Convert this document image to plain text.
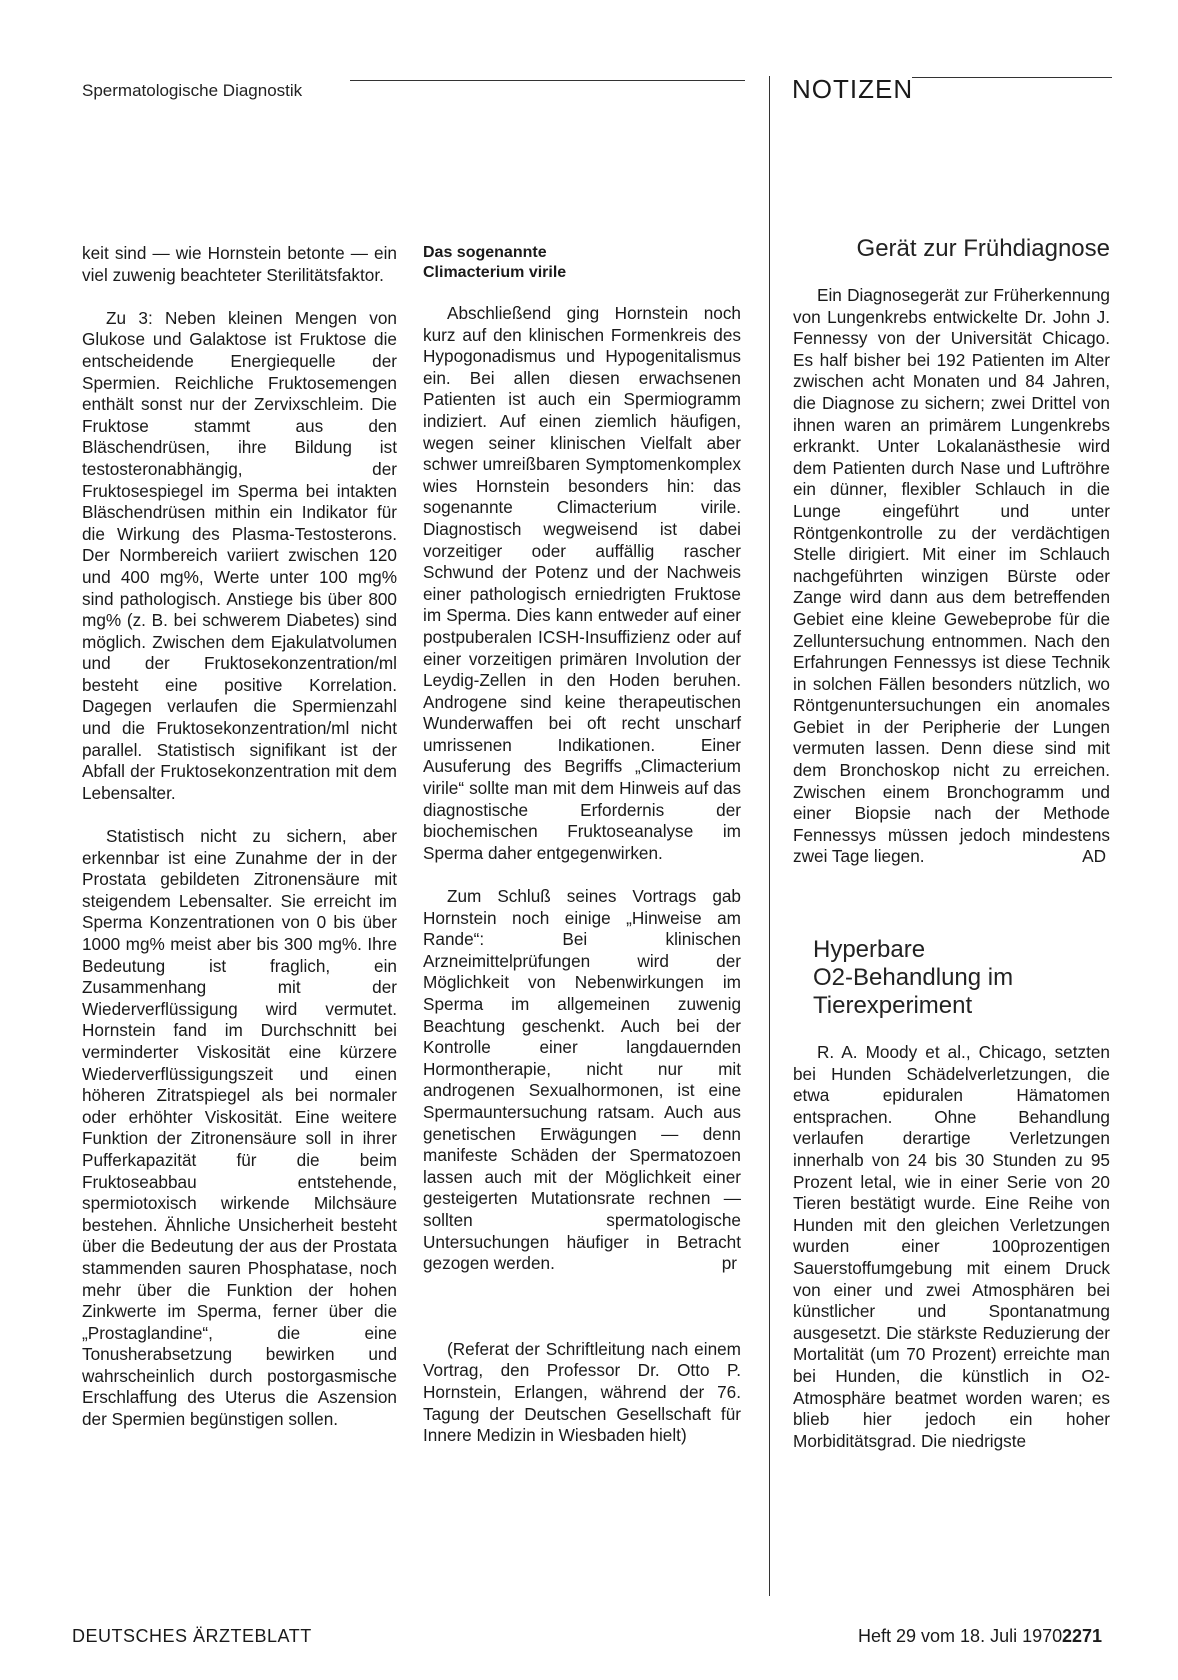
Spermatologische Diagnostik	NOTIZEN

keit sind — wie Hornstein betonte — ein viel zuwenig beachteter Sterilitätsfaktor.

Zu 3: Neben kleinen Mengen von Glukose und Galaktose ist Fruktose die entscheidende Energiequelle der Spermien. Reichliche Fruktosemengen enthält sonst nur der Zervixschleim. Die Fruktose stammt aus den Bläschendrüsen, ihre Bildung ist testosteronabhängig, der Fruktosespiegel im Sperma bei intakten Bläschendrüsen mithin ein Indikator für die Wirkung des Plasma-Testosterons. Der Normbereich variiert zwischen 120 und 400 mg%, Werte unter 100 mg% sind pathologisch. Anstiege bis über 800 mg% (z. B. bei schwerem Diabetes) sind möglich. Zwischen dem Ejakulatvolumen und der Fruktosekonzentration/ml besteht eine positive Korrelation. Dagegen verlaufen die Spermienzahl und die Fruktosekonzentration/ml nicht parallel. Statistisch signifikant ist der Abfall der Fruktosekonzentration mit dem Lebensalter.

Statistisch nicht zu sichern, aber erkennbar ist eine Zunahme der in der Prostata gebildeten Zitronensäure mit steigendem Lebensalter. Sie erreicht im Sperma Konzentrationen von 0 bis über 1000 mg% meist aber bis 300 mg%. Ihre Bedeutung ist fraglich, ein Zusammenhang mit der Wiederverflüssigung wird vermutet. Hornstein fand im Durchschnitt bei verminderter Viskosität eine kürzere Wiederverflüssigungszeit und einen höheren Zitratspiegel als bei normaler oder erhöhter Viskosität. Eine weitere Funktion der Zitronensäure soll in ihrer Pufferkapazität für die beim Fruktoseabbau entstehende, spermiotoxisch wirkende Milchsäure bestehen. Ähnliche Unsicherheit besteht über die Bedeutung der aus der Prostata stammenden sauren Phosphatase, noch mehr über die Funktion der hohen Zinkwerte im Sperma, ferner über die „Prostaglandine“, die eine Tonusherabsetzung bewirken und wahrscheinlich durch postorgasmische Erschlaffung des Uterus die Aszension der Spermien begünstigen sollen.

Das sogenannte
Climacterium virile

Abschließend ging Hornstein noch kurz auf den klinischen Formenkreis des Hypogonadismus und Hypogenitalismus ein. Bei allen diesen erwachsenen Patienten ist auch ein Spermiogramm indiziert. Auf einen ziemlich häufigen, wegen seiner klinischen Vielfalt aber schwer umreißbaren Symptomenkomplex wies Hornstein besonders hin: das sogenannte Climacterium virile. Diagnostisch wegweisend ist dabei vorzeitiger oder auffällig rascher Schwund der Potenz und der Nachweis einer pathologisch erniedrigten Fruktose im Sperma. Dies kann entweder auf einer postpuberalen ICSH-Insuffizienz oder auf einer vorzeitigen primären Involution der Leydig-Zellen in den Hoden beruhen. Androgene sind keine therapeutischen Wunderwaffen bei oft recht unscharf umrissenen Indikationen. Einer Ausuferung des Begriffs „Climacterium virile“ sollte man mit dem Hinweis auf das diagnostische Erfordernis der biochemischen Fruktoseanalyse im Sperma daher entgegenwirken.

Zum Schluß seines Vortrags gab Hornstein noch einige „Hinweise am Rande“: Bei klinischen Arzneimittelprüfungen wird der Möglichkeit von Nebenwirkungen im Sperma im allgemeinen zuwenig Beachtung geschenkt. Auch bei der Kontrolle einer langdauernden Hormontherapie, nicht nur mit androgenen Sexualhormonen, ist eine Spermauntersuchung ratsam. Auch aus genetischen Erwägungen — denn manifeste Schäden der Spermatozoen lassen auch mit der Möglichkeit einer gesteigerten Mutationsrate rechnen — sollten spermatologische Untersuchungen häufiger in Betracht gezogen werden.	pr

(Referat der Schriftleitung nach einem Vortrag, den Professor Dr. Otto P. Hornstein, Erlangen, während der 76. Tagung der Deutschen Gesellschaft für Innere Medizin in Wiesbaden hielt)

Gerät zur Frühdiagnose

Ein Diagnosegerät zur Früherkennung von Lungenkrebs entwickelte Dr. John J. Fennessy von der Universität Chicago. Es half bisher bei 192 Patienten im Alter zwischen acht Monaten und 84 Jahren, die Diagnose zu sichern; zwei Drittel von ihnen waren an primärem Lungenkrebs erkrankt. Unter Lokalanästhesie wird dem Patienten durch Nase und Luftröhre ein dünner, flexibler Schlauch in die Lunge eingeführt und unter Röntgenkontrolle zu der verdächtigen Stelle dirigiert. Mit einer im Schlauch nachgeführten winzigen Bürste oder Zange wird dann aus dem betreffenden Gebiet eine kleine Gewebeprobe für die Zelluntersuchung entnommen. Nach den Erfahrungen Fennessys ist diese Technik in solchen Fällen besonders nützlich, wo Röntgenuntersuchungen ein anomales Gebiet in der Peripherie der Lungen vermuten lassen. Denn diese sind mit dem Bronchoskop nicht zu erreichen. Zwischen einem Bronchogramm und einer Biopsie nach der Methode Fennessys müssen jedoch mindestens zwei Tage liegen.	AD

Hyperbare
O2-Behandlung im
Tierexperiment

R. A. Moody et al., Chicago, setzten bei Hunden Schädelverletzungen, die etwa epiduralen Hämatomen entsprachen. Ohne Behandlung verlaufen derartige Verletzungen innerhalb von 24 bis 30 Stunden zu 95 Prozent letal, wie in einer Serie von 20 Tieren bestätigt wurde. Eine Reihe von Hunden mit den gleichen Verletzungen wurden einer 100prozentigen Sauerstoffumgebung mit einem Druck von einer und zwei Atmosphären bei künstlicher und Spontanatmung ausgesetzt. Die stärkste Reduzierung der Mortalität (um 70 Prozent) erreichte man bei Hunden, die künstlich in O2-Atmosphäre beatmet worden waren; es blieb hier jedoch ein hoher Morbiditätsgrad. Die niedrigste

DEUTSCHES ÄRZTEBLATT	Heft 29 vom 18. Juli 1970 2271
